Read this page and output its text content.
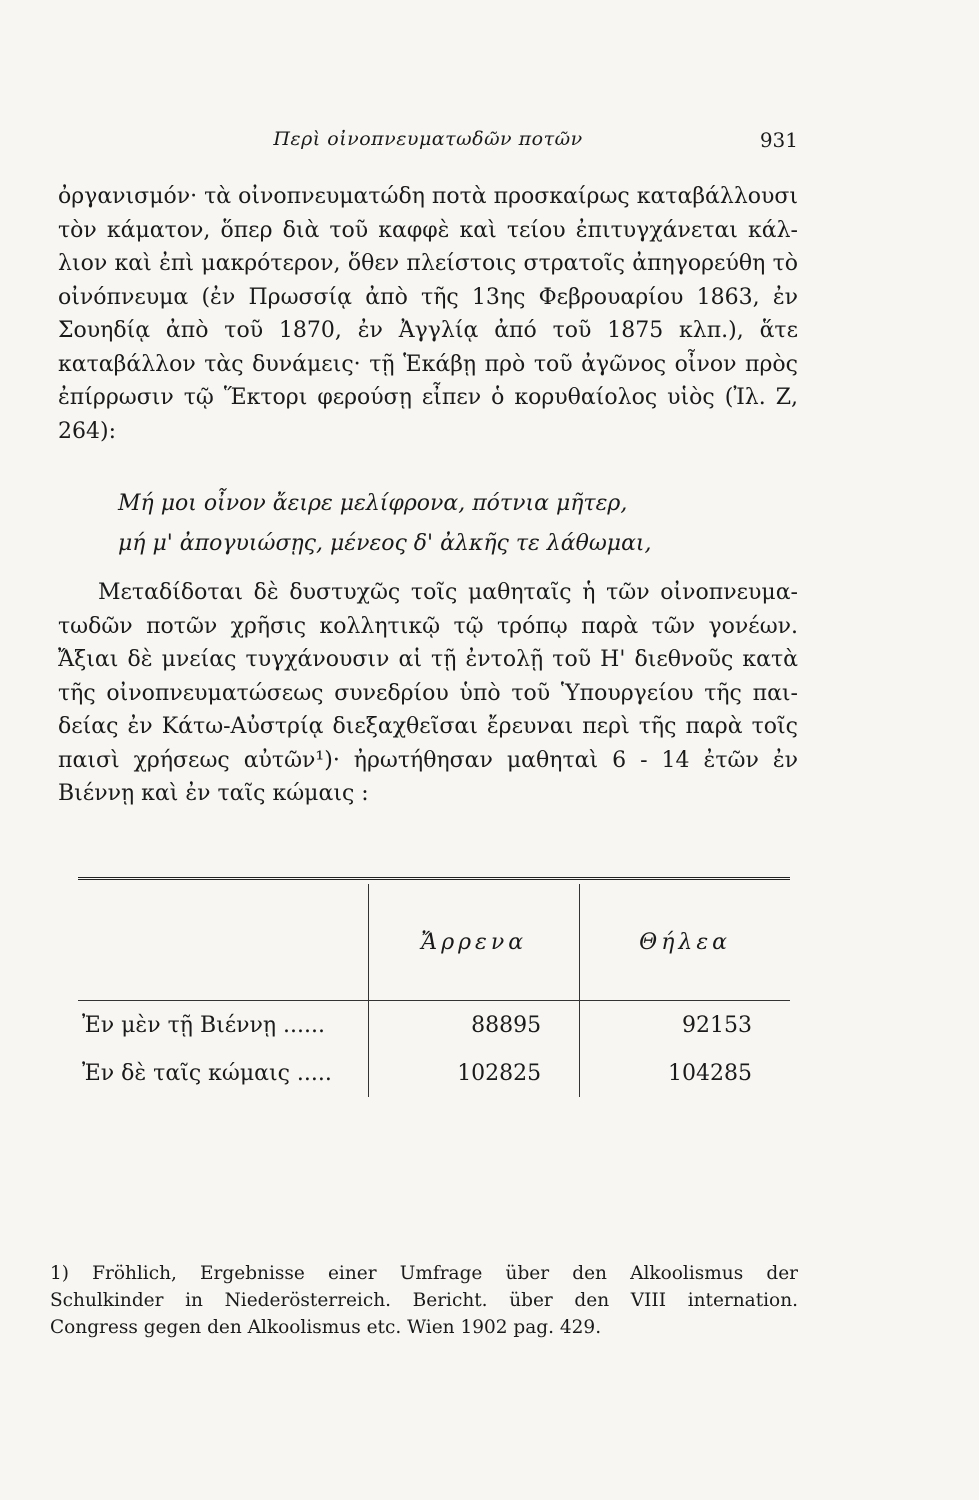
Περὶ οἰνοπνευματωδῶν ποτῶν	931

ὀργανισμόν· τὰ οἰνοπνευματώδη ποτὰ προσκαίρως καταβάλλουσι
τὸν κάματον, ὅπερ διὰ τοῦ καφφὲ καὶ τείου ἐπιτυγχάνεται κάλ-
λιον καὶ ἐπὶ μακρότερον, ὅθεν πλείστοις στρατοῖς ἀπηγορεύθη τὸ
οἰνόπνευμα (ἐν Πρωσσίᾳ ἀπὸ τῆς 13ης Φεβρουαρίου 1863, ἐν
Σουηδίᾳ ἀπὸ τοῦ 1870, ἐν Ἀγγλίᾳ ἀπό τοῦ 1875 κλπ.), ἅτε
καταβάλλον τὰς δυνάμεις· τῇ Ἑκάβῃ πρὸ τοῦ ἀγῶνος οἶνον πρὸς
ἐπίρρωσιν τῷ Ἕκτορι φερούσῃ εἶπεν ὁ κορυθαίολος υἱὸς (Ἰλ. Ζ,
264):

Μή μοι οἶνον ἄειρε μελίφρονα, πότνια μῆτερ,
μή μ' ἀπογυιώσῃς, μένεος δ' ἀλκῆς τε λάθωμαι,

Μεταδίδοται δὲ δυστυχῶς τοῖς μαθηταῖς ἡ τῶν οἰνοπνευμα-
τωδῶν ποτῶν χρῆσις κολλητικῷ τῷ τρόπῳ παρὰ τῶν γονέων.
Ἄξιαι δὲ μνείας τυγχάνουσιν αἱ τῇ ἐντολῇ τοῦ Η' διεθνοῦς κατὰ
τῆς οἰνοπνευματώσεως συνεδρίου ὑπὸ τοῦ Ὑπουργείου τῆς παι-
δείας ἐν Κάτω-Αὐστρίᾳ διεξαχθεῖσαι ἔρευναι περὶ τῆς παρὰ τοῖς
παισὶ χρήσεως αὐτῶν¹)· ἠρωτήθησαν μαθηταὶ 6 - 14 ἐτῶν ἐν
Βιέννῃ καὶ ἐν ταῖς κώμαις :

	Ἄρρενα	Θήλεα
Ἐν μὲν τῇ Βιέννῃ ......	88895	92153
Ἐν δὲ ταῖς κώμαις .....	102825	104285
1) Fröhlich, Ergebnisse einer Umfrage über den Alkoolismus der
Schulkinder in Niederösterreich. Bericht. über den VIII internation.
Congress gegen den Alkoolismus etc. Wien 1902 pag. 429.
